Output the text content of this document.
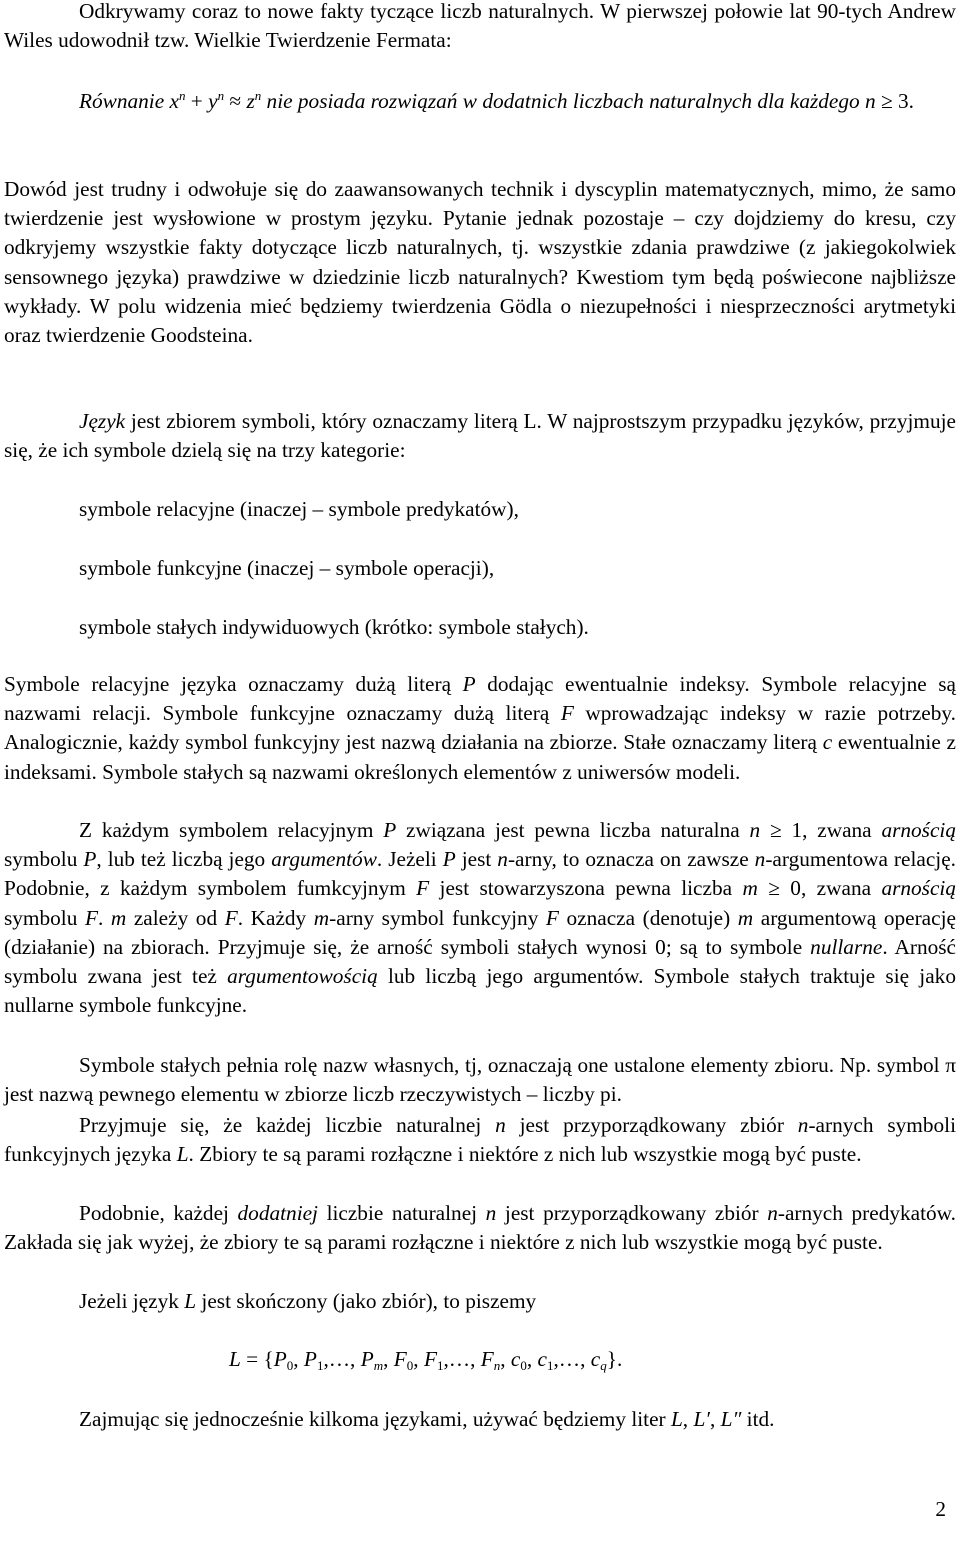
Odkrywamy coraz to nowe fakty tyczące liczb naturalnych. W pierwszej połowie lat 90-tych Andrew Wiles udowodnił tzw. Wielkie Twierdzenie Fermata:

Równanie $x^n + y^n \approx z^n$ nie posiada rozwiązań w dodatnich liczbach naturalnych dla każdego n ≥ 3.

Dowód jest trudny i odwołuje się do zaawansowanych technik i dyscyplin matematycznych, mimo, że samo twierdzenie jest wysłowione w prostym języku. Pytanie jednak pozostaje – czy dojdziemy do kresu, czy odkryjemy wszystkie fakty dotyczące liczb naturalnych, tj. wszystkie zdania prawdziwe (z jakiegokolwiek sensownego języka) prawdziwe w dziedzinie liczb naturalnych? Kwestiom tym będą poświecone najbliższe wykłady. W polu widzenia mieć będziemy twierdzenia Gödla o niezupełności i niesprzeczności arytmetyki oraz twierdzenie Goodsteina.

Język jest zbiorem symboli, który oznaczamy literą L. W najprostszym przypadku języków, przyjmuje się, że ich symbole dzielą się na trzy kategorie:

symbole relacyjne (inaczej – symbole predykatów),
symbole funkcyjne (inaczej – symbole operacji),
symbole stałych indywiduowych (krótko: symbole stałych).

Symbole relacyjne języka oznaczamy dużą literą P dodając ewentualnie indeksy. Symbole relacyjne są nazwami relacji. Symbole funkcyjne oznaczamy dużą literą F wprowadzając indeksy w razie potrzeby. Analogicznie, każdy symbol funkcyjny jest nazwą działania na zbiorze. Stałe oznaczamy literą c ewentualnie z indeksami. Symbole stałych są nazwami określonych elementów z uniwersów modeli.

Z każdym symbolem relacyjnym P związana jest pewna liczba naturalna n ≥ 1, zwana arnością symbolu P, lub też liczbą jego argumentów. Jeżeli P jest n-arny, to oznacza on zawsze n-argumentowa relację. Podobnie, z każdym symbolem fumkcyjnym F jest stowarzyszona pewna liczba m ≥ 0, zwana arnością symbolu F. m zależy od F. Każdy m-arny symbol funkcyjny F oznacza (denotuje) m argumentową operację (działanie) na zbiorach. Przyjmuje się, że arność symboli stałych wynosi 0; są to symbole nullarne. Arność symbolu zwana jest też argumentowością lub liczbą jego argumentów. Symbole stałych traktuje się jako nullarne symbole funkcyjne.

Symbole stałych pełnia rolę nazw własnych, tj, oznaczają one ustalone elementy zbioru. Np. symbol π jest nazwą pewnego elementu w zbiorze liczb rzeczywistych – liczby pi.

Przyjmuje się, że każdej liczbie naturalnej n jest przyporządkowany zbiór n-arnych symboli funkcyjnych języka L. Zbiory te są parami rozłączne i niektóre z nich lub wszystkie mogą być puste.

Podobnie, każdej dodatniej liczbie naturalnej n jest przyporządkowany zbiór n-arnych predykatów. Zakłada się jak wyżej, że zbiory te są parami rozłączne i niektóre z nich lub wszystkie mogą być puste.

Jeżeli język L jest skończony (jako zbiór), to piszemy

$L = \{P_0$, $P_1,\dots$, $P_m$, $F_0$, $F_1,\dots$, $F_n$, $c_0$, $c_1,\dots$, $c_q$}.

Zajmując się jednocześnie kilkoma językami, używać będziemy liter L, L′, L″ itd.

2
